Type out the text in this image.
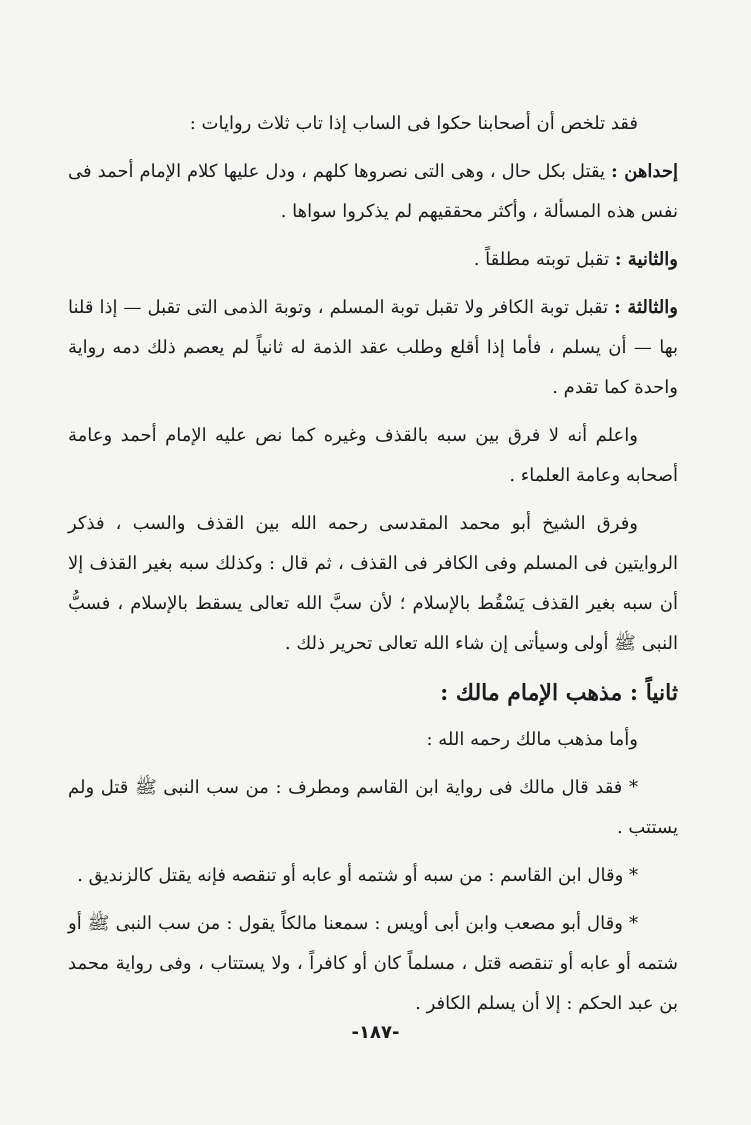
فقد تلخص أن أصحابنا حكوا فى الساب إذا تاب ثلاث روايات :

إحداهن : يقتل بكل حال ، وهى التى نصروها كلهم ، ودل عليها كلام الإمام أحمد فى نفس هذه المسألة ، وأكثر محققيهم لم يذكروا سواها .

والثانية : تقبل توبته مطلقاً .

والثالثة : تقبل توبة الكافر ولا تقبل توبة المسلم ، وتوبة الذمى التى تقبل — إذا قلنا بها — أن يسلم ، فأما إذا أقلع وطلب عقد الذمة له ثانياً لم يعصم ذلك دمه رواية واحدة كما تقدم .

واعلم أنه لا فرق بين سبه بالقذف وغيره كما نص عليه الإمام أحمد وعامة أصحابه وعامة العلماء .

وفرق الشيخ أبو محمد المقدسى رحمه الله بين القذف والسب ، فذكر الروايتين فى المسلم وفى الكافر فى القذف ، ثم قال : وكذلك سبه بغير القذف إلا أن سبه بغير القذف يَسْقُط بالإسلام ؛ لأن سبَّ الله تعالى يسقط بالإسلام ، فسبُّ النبى ﷺ أولى وسيأتى إن شاء الله تعالى تحرير ذلك .

ثانياً : مذهب الإمام مالك :

وأما مذهب مالك رحمه الله :

* فقد قال مالك فى رواية ابن القاسم ومطرف : من سب النبى ﷺ قتل ولم يستتب .

* وقال ابن القاسم : من سبه أو شتمه أو عابه أو تنقصه فإنه يقتل كالزنديق .

* وقال أبو مصعب وابن أبى أويس : سمعنا مالكاً يقول : من سب النبى ﷺ أو شتمه أو عابه أو تنقصه قتل ، مسلماً كان أو كافراً ، ولا يستتاب ، وفى رواية محمد بن عبد الحكم : إلا أن يسلم الكافر .

-١٨٧-
